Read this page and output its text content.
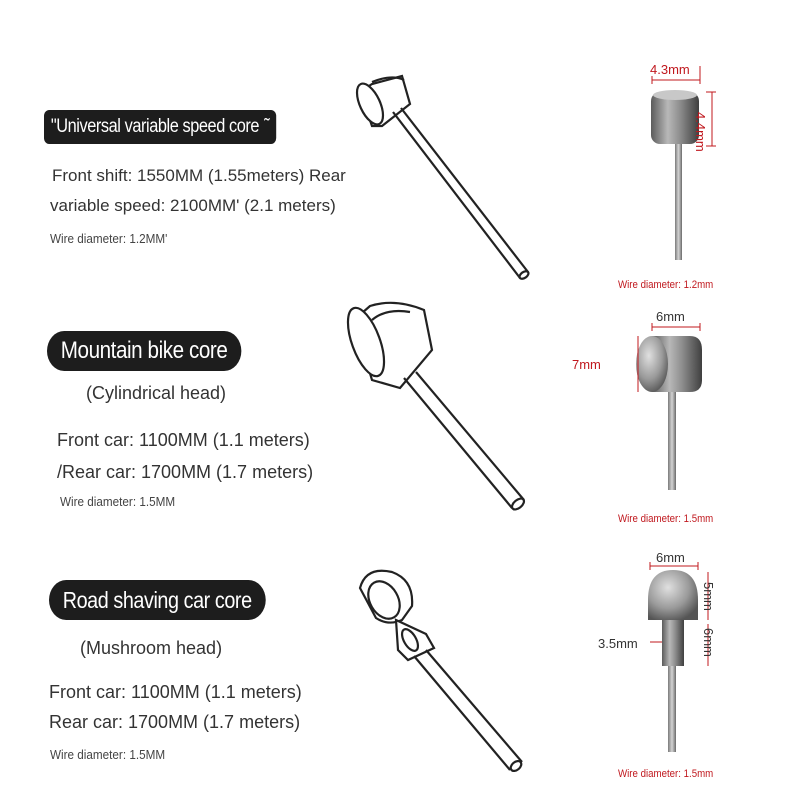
"Universal variable speed core
Front shift: 1550MM (1.55meters) Rear
variable speed: 2100MM' (2.1 meters)
Wire diameter: 1.2MM'
4.3mm
4.4mm
Wire diameter: 1.2mm
Mountain bike core
(Cylindrical head)
Front car: 1100MM (1.1 meters)
/Rear car: 1700MM (1.7 meters)
Wire diameter: 1.5MM
6mm
7mm
Wire diameter: 1.5mm
Road shaving car core
(Mushroom head)
Front car: 1100MM (1.1 meters)
Rear car: 1700MM (1.7 meters)
Wire diameter: 1.5MM
6mm
5mm
6mm
3.5mm
Wire diameter: 1.5mm
